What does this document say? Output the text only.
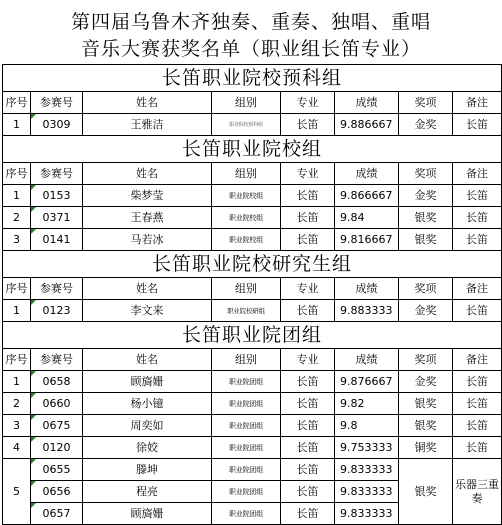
第四届乌鲁木齐独奏、重奏、独唱、重唱
音乐大赛获奖名单（职业组长笛专业）
长笛职业院校预科组							
序号	参赛号	姓名	组别	专业	成绩	奖项	备注
1	0309	王雅洁	职业院校预科组	长笛	9.886667	金奖	长笛
长笛职业院校组							
序号	参赛号	姓名	组别	专业	成绩	奖项	备注
1	0153	柴梦莹	职业院校组	长笛	9.866667	金奖	长笛
2	0371	王春燕	职业院校组	长笛	9.84	银奖	长笛
3	0141	马若冰	职业院校组	长笛	9.816667	银奖	长笛
长笛职业院校研究生组							
序号	参赛号	姓名	组别	专业	成绩	奖项	备注
1	0123	李文来	职业院校研组	长笛	9.883333	金奖	长笛
长笛职业院团组							
序号	参赛号	姓名	组别	专业	成绩	奖项	备注
1	0658	顾旖姗	职业院团组	长笛	9.876667	金奖	长笛
2	0660	杨小镱	职业院团组	长笛	9.82	银奖	长笛
3	0675	周奕如	职业院团组	长笛	9.8	银奖	长笛
4	0120	徐姣	职业院团组	长笛	9.753333	铜奖	长笛
5	0655	滕坤	职业院团组	长笛	9.833333	银奖	乐器三重奏
	0656	程亮	职业院团组	长笛	9.833333		
	0657	顾旖姗	职业院团组	长笛	9.833333		
